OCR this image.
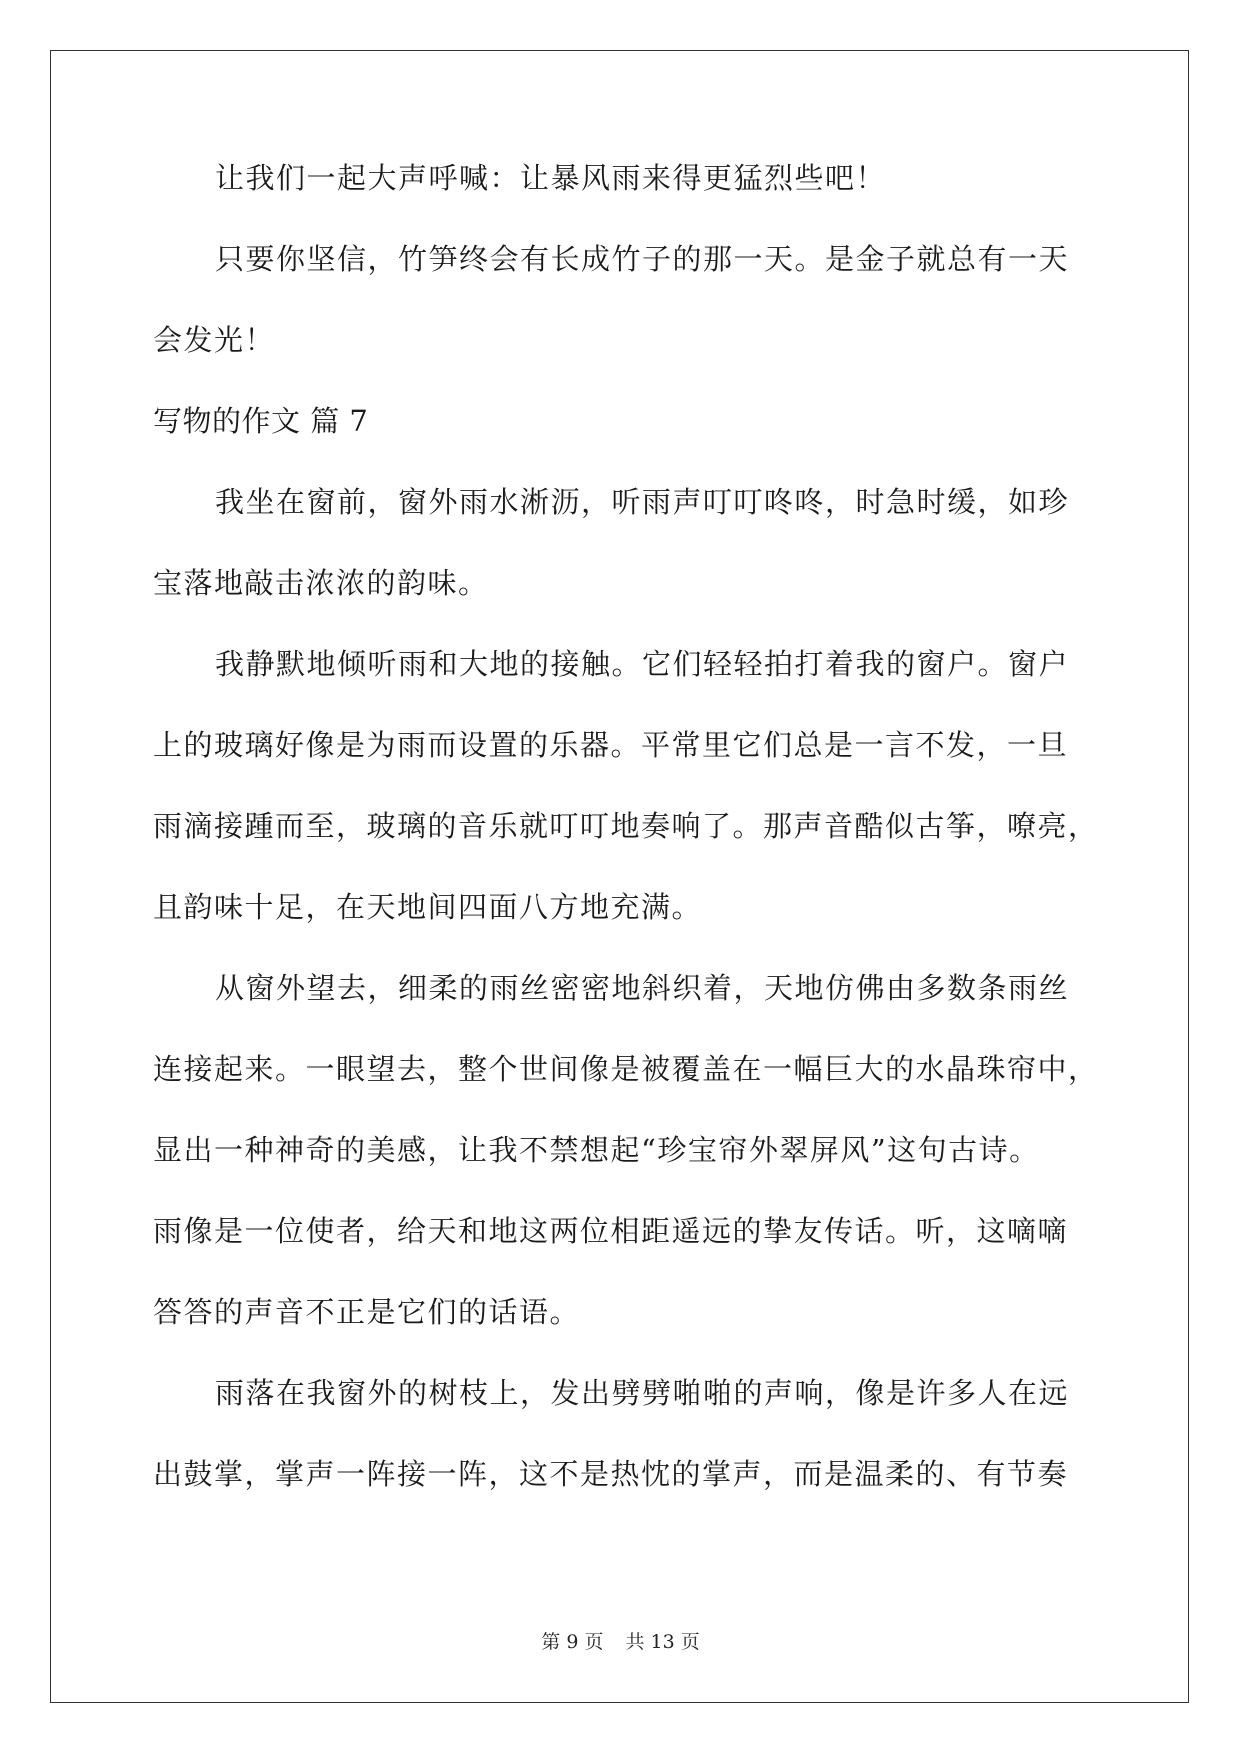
让我们一起大声呼喊：让暴风雨来得更猛烈些吧！
只要你坚信，竹笋终会有长成竹子的那一天。是金子就总有一天
会发光！
写物的作文 篇 7
我坐在窗前，窗外雨水淅沥，听雨声叮叮咚咚，时急时缓，如珍
宝落地敲击浓浓的韵味。
我静默地倾听雨和大地的接触。它们轻轻拍打着我的窗户。窗户
上的玻璃好像是为雨而设置的乐器。平常里它们总是一言不发，一旦
雨滴接踵而至，玻璃的音乐就叮叮地奏响了。那声音酷似古筝，嘹亮，
且韵味十足，在天地间四面八方地充满。
从窗外望去，细柔的雨丝密密地斜织着，天地仿佛由多数条雨丝
连接起来。一眼望去，整个世间像是被覆盖在一幅巨大的水晶珠帘中，
显出一种神奇的美感，让我不禁想起“珍宝帘外翠屏风”这句古诗。
雨像是一位使者，给天和地这两位相距遥远的挚友传话。听，这嘀嘀
答答的声音不正是它们的话语。
雨落在我窗外的树枝上，发出劈劈啪啪的声响，像是许多人在远
出鼓掌，掌声一阵接一阵，这不是热忱的掌声，而是温柔的、有节奏
第 9 页 共 13 页
